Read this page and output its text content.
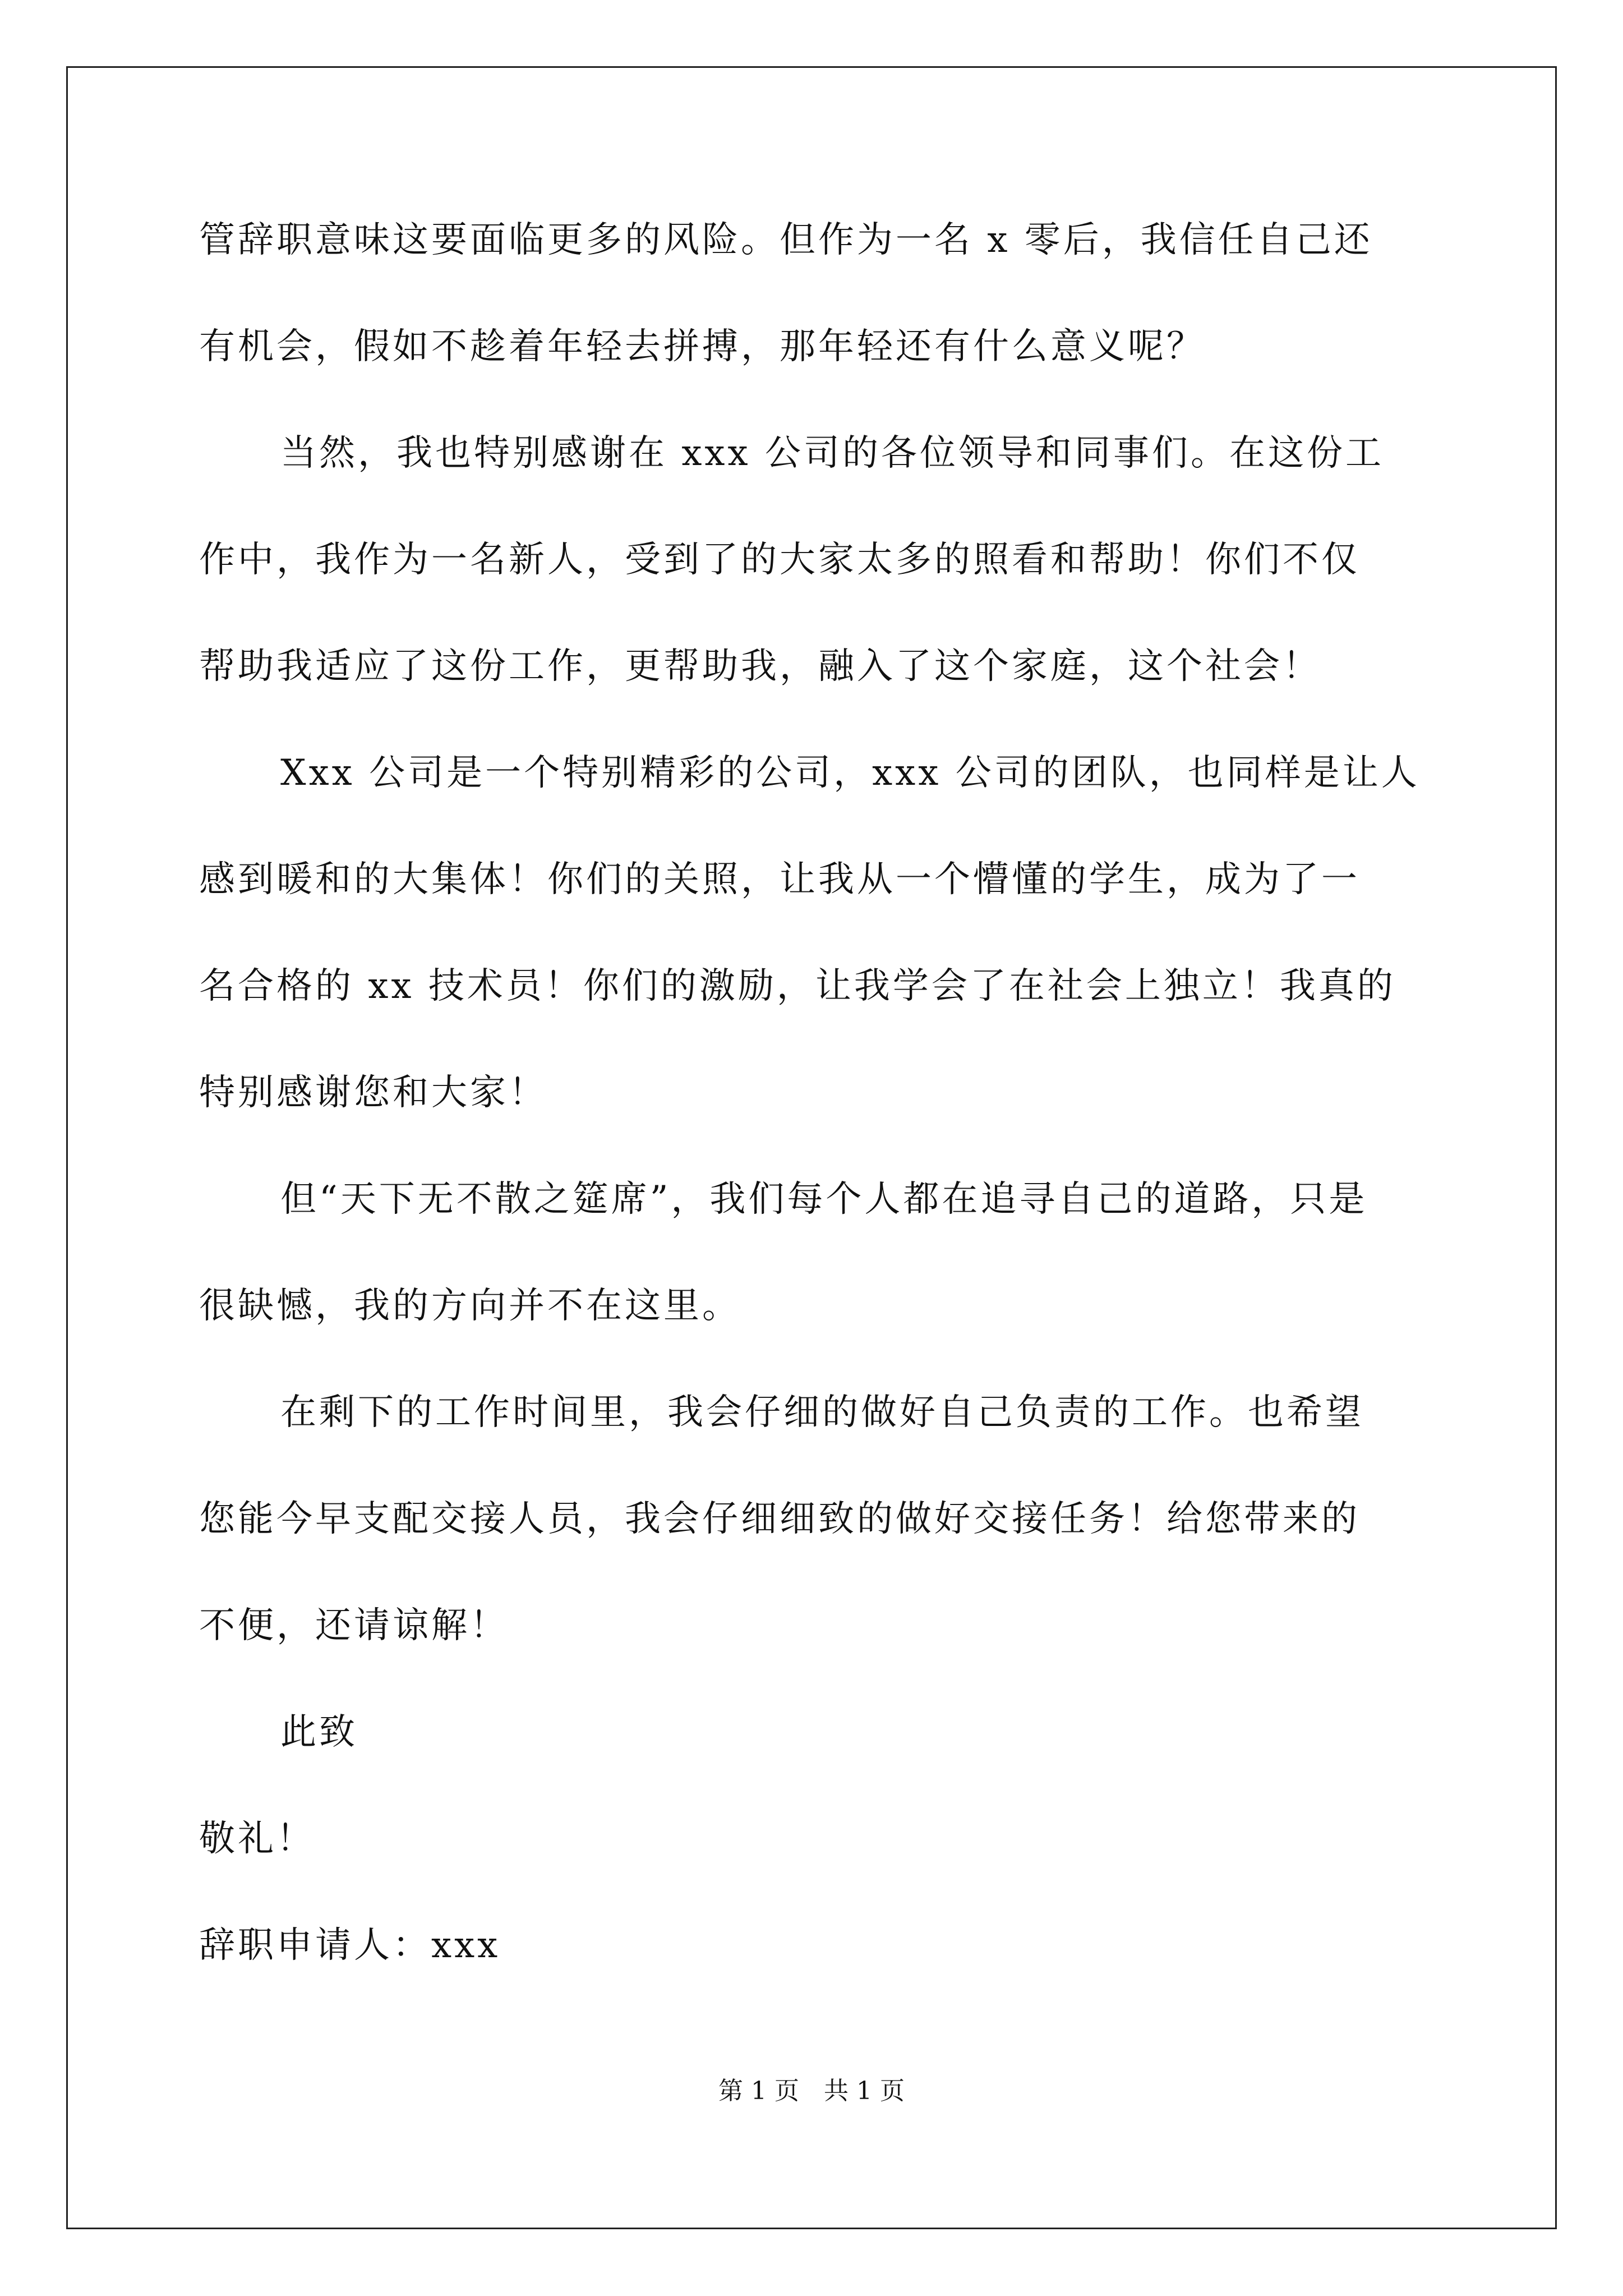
管辞职意味这要面临更多的风险。但作为一名 x 零后，我信任自己还
有机会，假如不趁着年轻去拼搏，那年轻还有什么意义呢？
当然，我也特别感谢在 xxx 公司的各位领导和同事们。在这份工
作中，我作为一名新人，受到了的大家太多的照看和帮助！你们不仅
帮助我适应了这份工作，更帮助我，融入了这个家庭，这个社会！
Xxx 公司是一个特别精彩的公司，xxx 公司的团队，也同样是让人
感到暖和的大集体！你们的关照，让我从一个懵懂的学生，成为了一
名合格的 xx 技术员！你们的激励，让我学会了在社会上独立！我真的
特别感谢您和大家！
但“天下无不散之筵席”，我们每个人都在追寻自己的道路，只是
很缺憾，我的方向并不在这里。
在剩下的工作时间里，我会仔细的做好自己负责的工作。也希望
您能今早支配交接人员，我会仔细细致的做好交接任务！给您带来的
不便，还请谅解！
此致
敬礼！
辞职申请人：xxx
第 1 页　共 1 页
